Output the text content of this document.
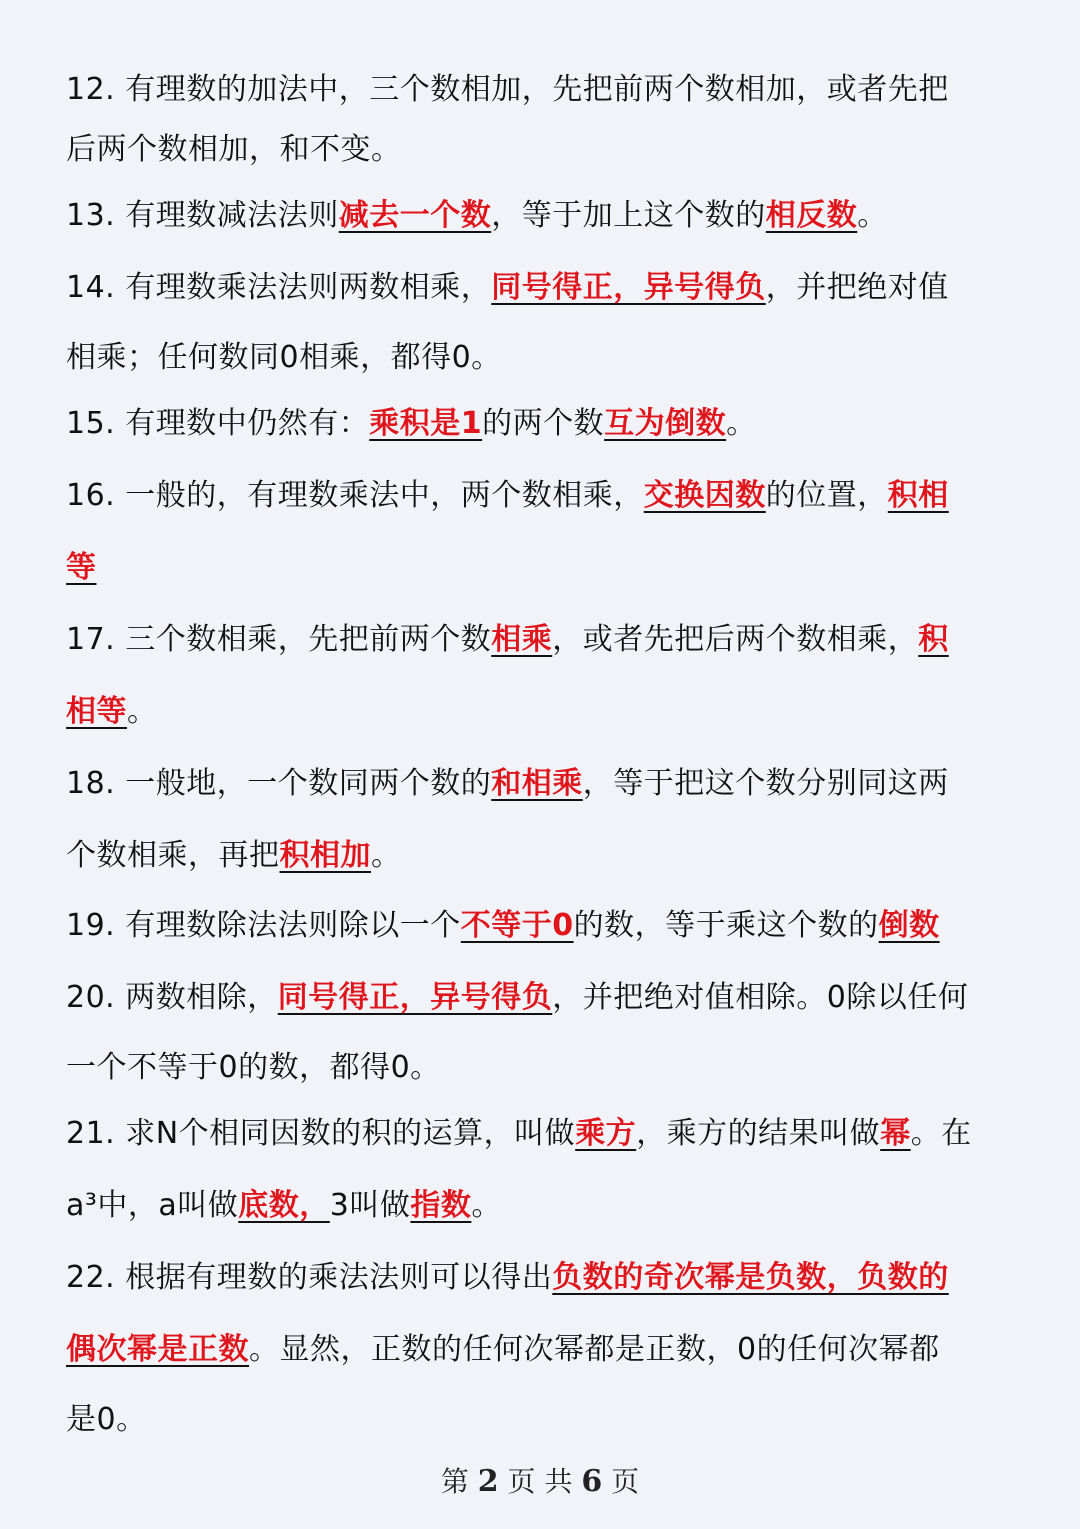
12. 有理数的加法中，三个数相加，先把前两个数相加，或者先把
后两个数相加，和不变。
13. 有理数减法法则减去一个数，等于加上这个数的相反数。
14. 有理数乘法法则两数相乘，同号得正，异号得负，并把绝对值
相乘；任何数同0相乘，都得0。
15. 有理数中仍然有：乘积是1的两个数互为倒数。
16. 一般的，有理数乘法中，两个数相乘，交换因数的位置，积相
等
17. 三个数相乘，先把前两个数相乘，或者先把后两个数相乘，积
相等。
18. 一般地，一个数同两个数的和相乘，等于把这个数分别同这两
个数相乘，再把积相加。
19. 有理数除法法则除以一个不等于0的数，等于乘这个数的倒数
20. 两数相除，同号得正，异号得负，并把绝对值相除。0除以任何
一个不等于0的数，都得0。
21. 求N个相同因数的积的运算，叫做乘方，乘方的结果叫做幂。在
a³中，a叫做底数，3叫做指数。
22. 根据有理数的乘法法则可以得出负数的奇次幂是负数，负数的
偶次幂是正数。显然，正数的任何次幂都是正数，0的任何次幂都
是0。
第 2 页 共 6 页
